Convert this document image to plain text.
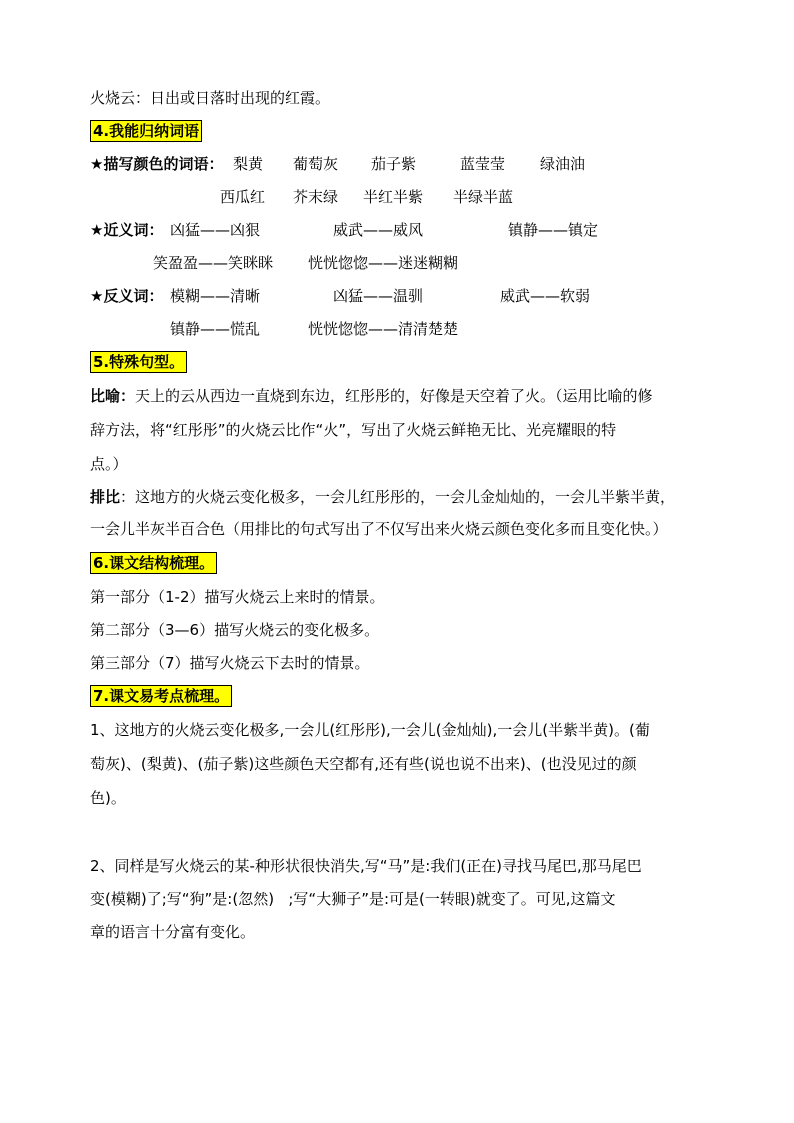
火烧云：日出或日落时出现的红霞。
4.我能归纳词语
★描写颜色的词语： 梨黄 葡萄灰 茄子紫	蓝莹莹 绿油油
西瓜红 芥末绿 半红半紫 半绿半蓝
★近义词： 凶猛——凶狠	威武——威风	镇静——镇定
笑盈盈——笑眯眯 恍恍惚惚——迷迷糊糊
★反义词： 模糊——清晰	凶猛——温驯	威武——软弱
镇静——慌乱	恍恍惚惚——清清楚楚
5.特殊句型。
比喻：天上的云从西边一直烧到东边，红彤彤的，好像是天空着了火。（运用比喻的修
辞方法，将“红彤彤”的火烧云比作“火”，写出了火烧云鲜艳无比、光亮耀眼的特
点。）
排比：这地方的火烧云变化极多，一会儿红彤彤的，一会儿金灿灿的，一会儿半紫半黄，
一会儿半灰半百合色（用排比的句式写出了不仅写出来火烧云颜色变化多而且变化快。）
6.课文结构梳理。
第一部分（1-2）描写火烧云上来时的情景。
第二部分（3—6）描写火烧云的变化极多。
第三部分（7）描写火烧云下去时的情景。
7.课文易考点梳理。
1、这地方的火烧云变化极多,一会儿(红彤彤),一会儿(金灿灿),一会儿(半紫半黄)。(葡
萄灰)、(梨黄)、(茄子紫)这些颜色天空都有,还有些(说也说不出来)、(也没见过的颜
色)。
2、同样是写火烧云的某-种形状很快消失,写“马”是:我们(正在)寻找马尾巴,那马尾巴
变(模糊)了;写“狗”是:(忽然)   ;写“大狮子”是:可是(一转眼)就变了。可见,这篇文
章的语言十分富有变化。
